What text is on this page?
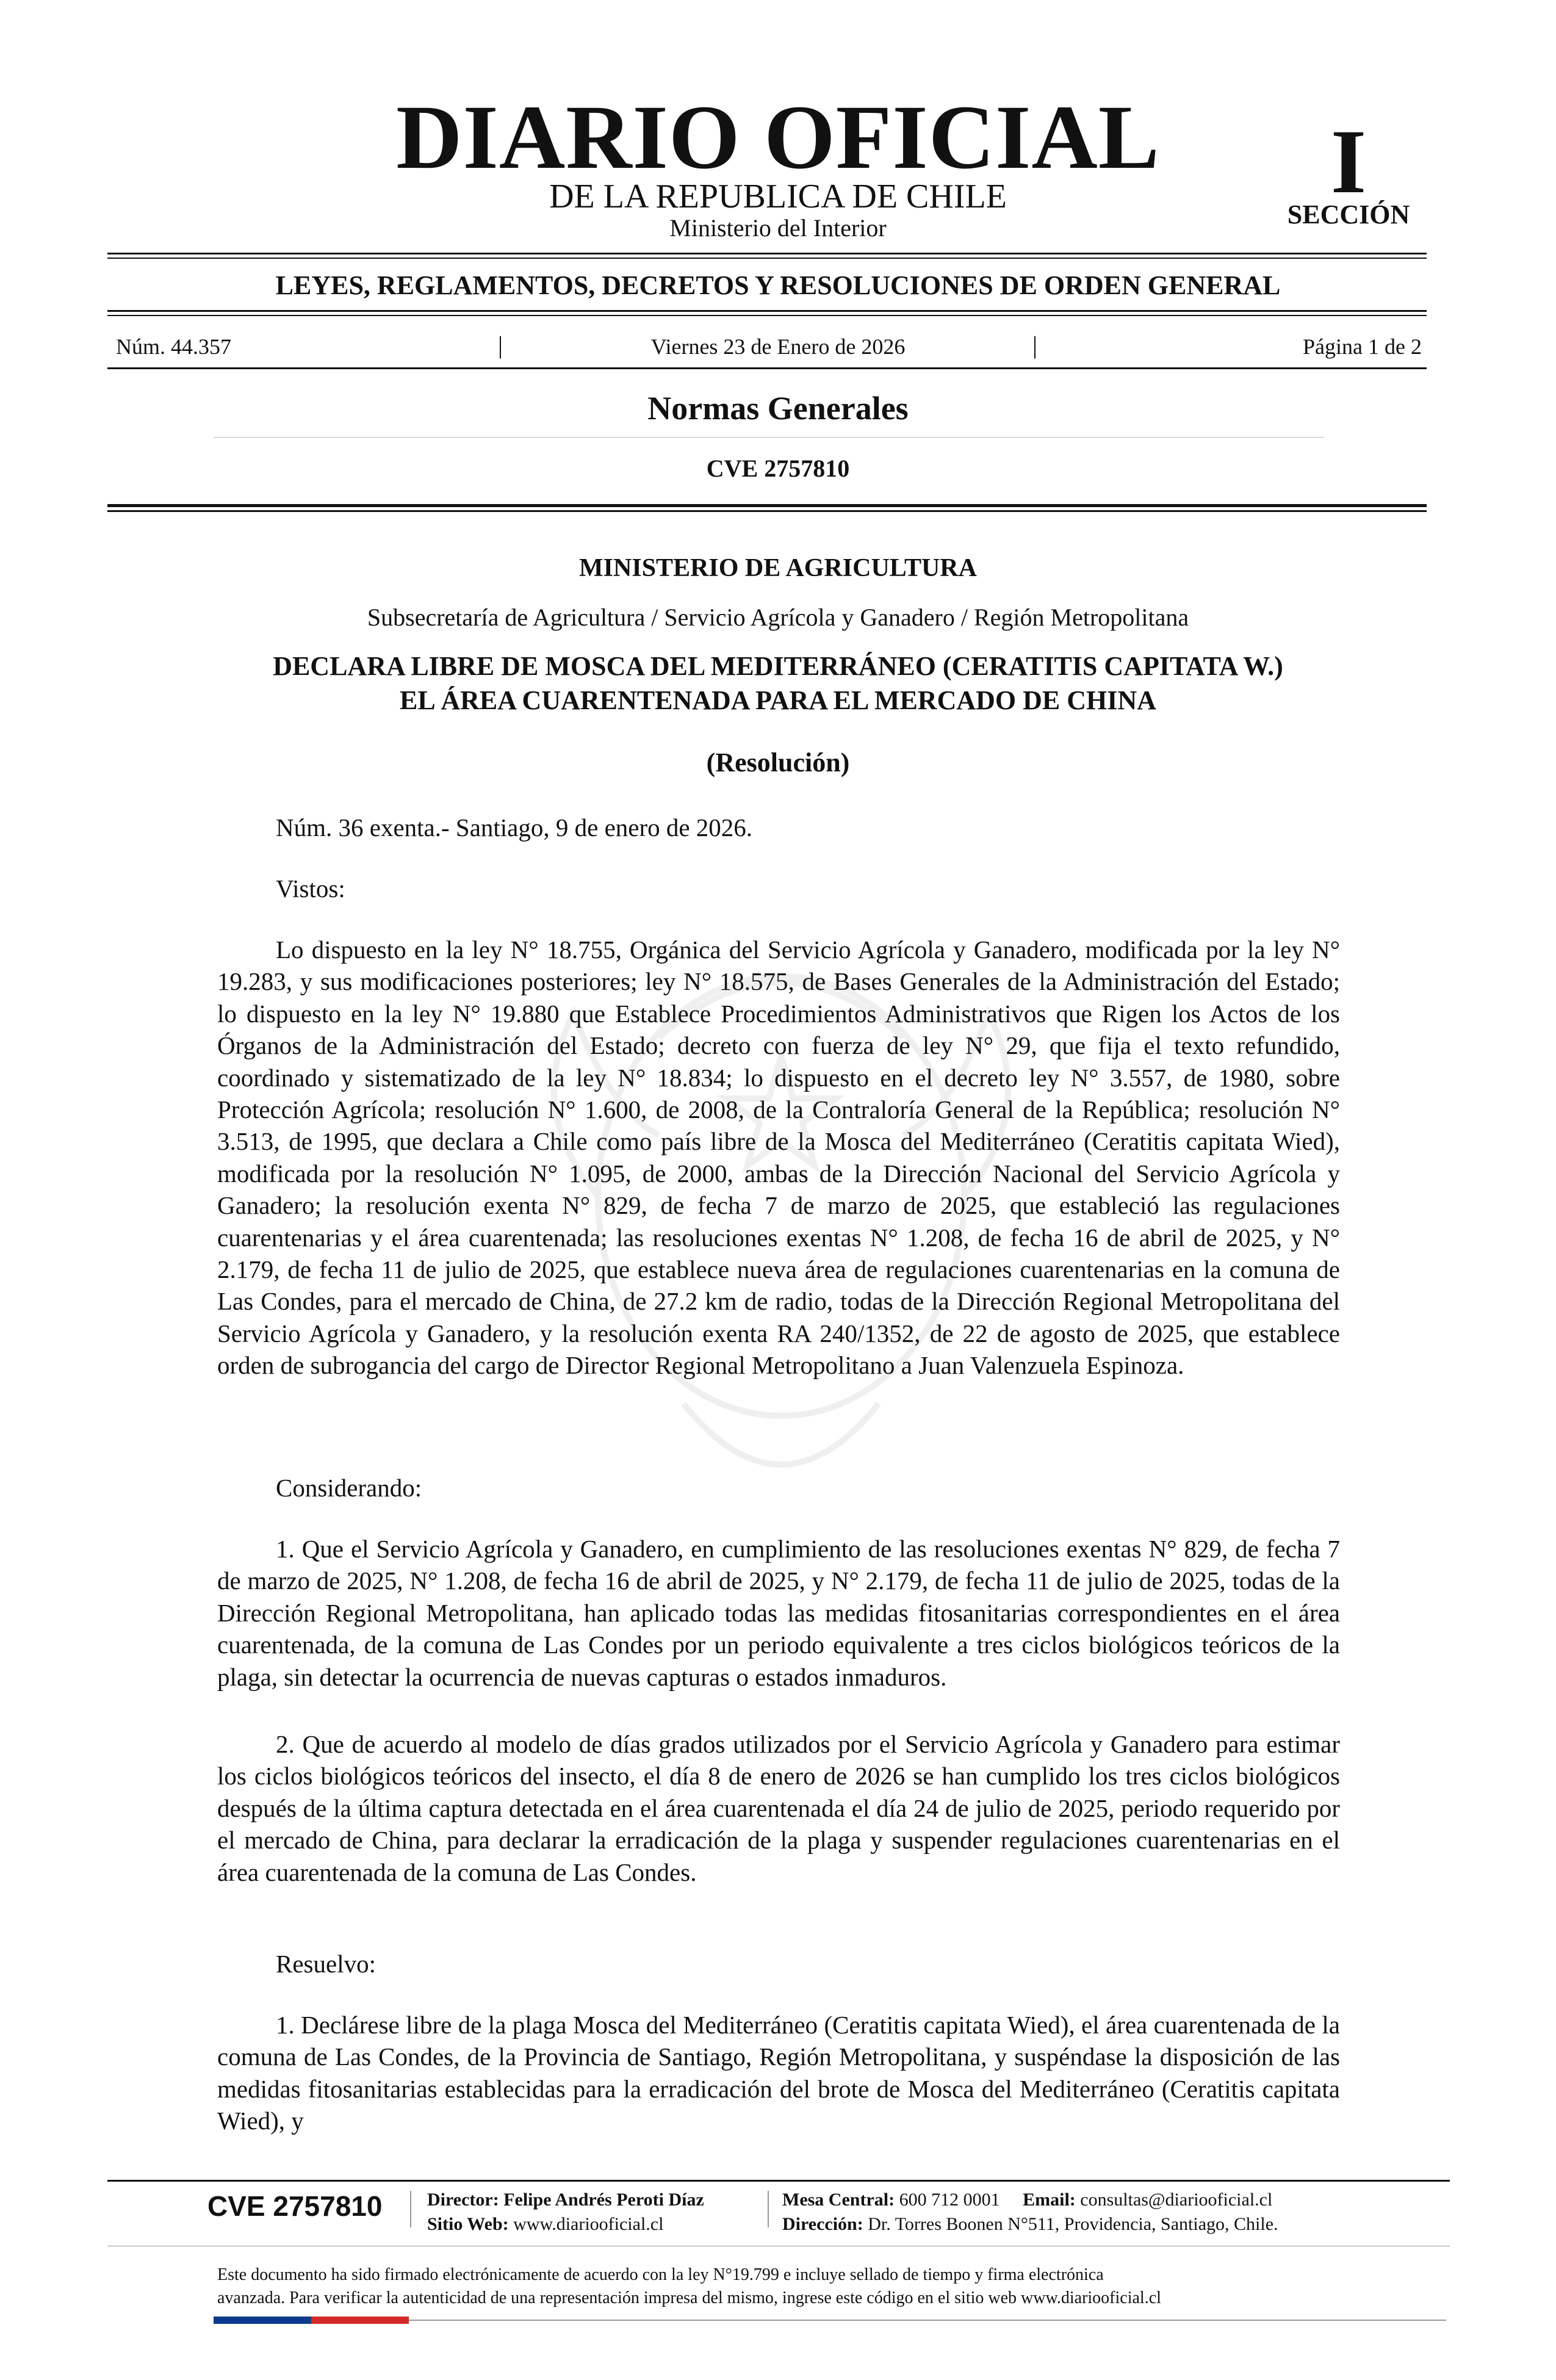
DIARIO OFICIAL
DE LA REPUBLICA DE CHILE
Ministerio del Interior
I
SECCIÓN
LEYES, REGLAMENTOS, DECRETOS Y RESOLUCIONES DE ORDEN GENERAL
Núm. 44.357	|	Viernes 23 de Enero de 2026	|	Página 1 de 2
Normas Generales
CVE 2757810
MINISTERIO DE AGRICULTURA
Subsecretaría de Agricultura / Servicio Agrícola y Ganadero / Región Metropolitana
DECLARA LIBRE DE MOSCA DEL MEDITERRÁNEO (CERATITIS CAPITATA W.)
EL ÁREA CUARENTENADA PARA EL MERCADO DE CHINA
(Resolución)
Núm. 36 exenta.- Santiago, 9 de enero de 2026.
Vistos:

Lo dispuesto en la ley N° 18.755, Orgánica del Servicio Agrícola y Ganadero, modificada por la ley N° 19.283, y sus modificaciones posteriores; ley N° 18.575, de Bases Generales de la Administración del Estado; lo dispuesto en la ley N° 19.880 que Establece Procedimientos Administrativos que Rigen los Actos de los Órganos de la Administración del Estado; decreto con fuerza de ley N° 29, que fija el texto refundido, coordinado y sistematizado de la ley N° 18.834; lo dispuesto en el decreto ley N° 3.557, de 1980, sobre Protección Agrícola; resolución N° 1.600, de 2008, de la Contraloría General de la República; resolución N° 3.513, de 1995, que declara a Chile como país libre de la Mosca del Mediterráneo (Ceratitis capitata Wied), modificada por la resolución N° 1.095, de 2000, ambas de la Dirección Nacional del Servicio Agrícola y Ganadero; la resolución exenta N° 829, de fecha 7 de marzo de 2025, que estableció las regulaciones cuarentenarias y el área cuarentenada; las resoluciones exentas N° 1.208, de fecha 16 de abril de 2025, y N° 2.179, de fecha 11 de julio de 2025, que establece nueva área de regulaciones cuarentenarias en la comuna de Las Condes, para el mercado de China, de 27.2 km de radio, todas de la Dirección Regional Metropolitana del Servicio Agrícola y Ganadero, y la resolución exenta RA 240/1352, de 22 de agosto de 2025, que establece orden de subrogancia del cargo de Director Regional Metropolitano a Juan Valenzuela Espinoza.

Considerando:

1. Que el Servicio Agrícola y Ganadero, en cumplimiento de las resoluciones exentas N° 829, de fecha 7 de marzo de 2025, N° 1.208, de fecha 16 de abril de 2025, y N° 2.179, de fecha 11 de julio de 2025, todas de la Dirección Regional Metropolitana, han aplicado todas las medidas fitosanitarias correspondientes en el área cuarentenada, de la comuna de Las Condes por un periodo equivalente a tres ciclos biológicos teóricos de la plaga, sin detectar la ocurrencia de nuevas capturas o estados inmaduros.

2. Que de acuerdo al modelo de días grados utilizados por el Servicio Agrícola y Ganadero para estimar los ciclos biológicos teóricos del insecto, el día 8 de enero de 2026 se han cumplido los tres ciclos biológicos después de la última captura detectada en el área cuarentenada el día 24 de julio de 2025, periodo requerido por el mercado de China, para declarar la erradicación de la plaga y suspender regulaciones cuarentenarias en el área cuarentenada de la comuna de Las Condes.

Resuelvo:

1. Declárese libre de la plaga Mosca del Mediterráneo (Ceratitis capitata Wied), el área cuarentenada de la comuna de Las Condes, de la Provincia de Santiago, Región Metropolitana, y suspéndase la disposición de las medidas fitosanitarias establecidas para la erradicación del brote de Mosca del Mediterráneo (Ceratitis capitata Wied), y

CVE 2757810 Director: Felipe Andrés Peroti Díaz
Sitio Web: www.diariooficial.cl
Mesa Central: 600 712 0001 Email: consultas@diariooficial.cl
Dirección: Dr. Torres Boonen N°511, Providencia, Santiago, Chile.
Este documento ha sido firmado electrónicamente de acuerdo con la ley N°19.799 e incluye sellado de tiempo y firma electrónica
avanzada. Para verificar la autenticidad de una representación impresa del mismo, ingrese este código en el sitio web www.diariooficial.cl
